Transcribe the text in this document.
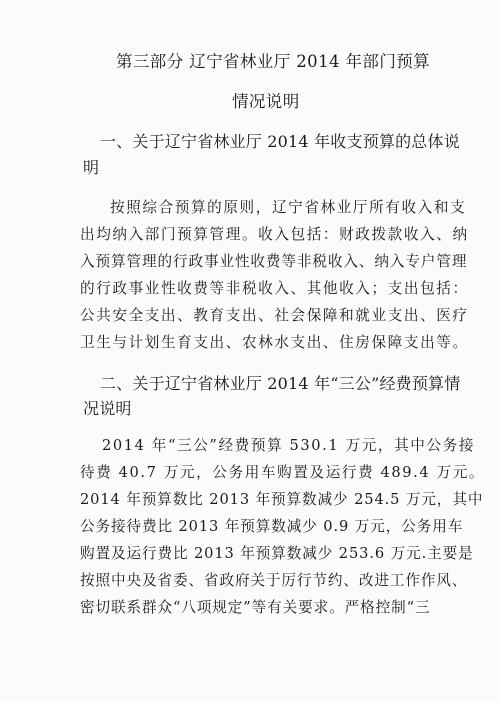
第三部分 辽宁省林业厅 2014 年部门预算
情况说明
一、关于辽宁省林业厅 2014 年收支预算的总体说
明
按照综合预算的原则，辽宁省林业厅所有收入和支
出均纳入部门预算管理。收入包括：财政拨款收入、纳
入预算管理的行政事业性收费等非税收入、纳入专户管理
的行政事业性收费等非税收入、其他收入；支出包括：
公共安全支出、教育支出、社会保障和就业支出、医疗
卫生与计划生育支出、农林水支出、住房保障支出等。
二、关于辽宁省林业厅 2014 年“三公”经费预算情
况说明
2014 年“三公”经费预算 530.1 万元，其中公务接
待费 40.7 万元，公务用车购置及运行费 489.4 万元。
2014 年预算数比 2013 年预算数减少 254.5 万元，其中
公务接待费比 2013 年预算数减少 0.9 万元，公务用车
购置及运行费比 2013 年预算数减少 253.6 万元.主要是
按照中央及省委、省政府关于厉行节约、改进工作作风、
密切联系群众“八项规定”等有关要求。严格控制“三
